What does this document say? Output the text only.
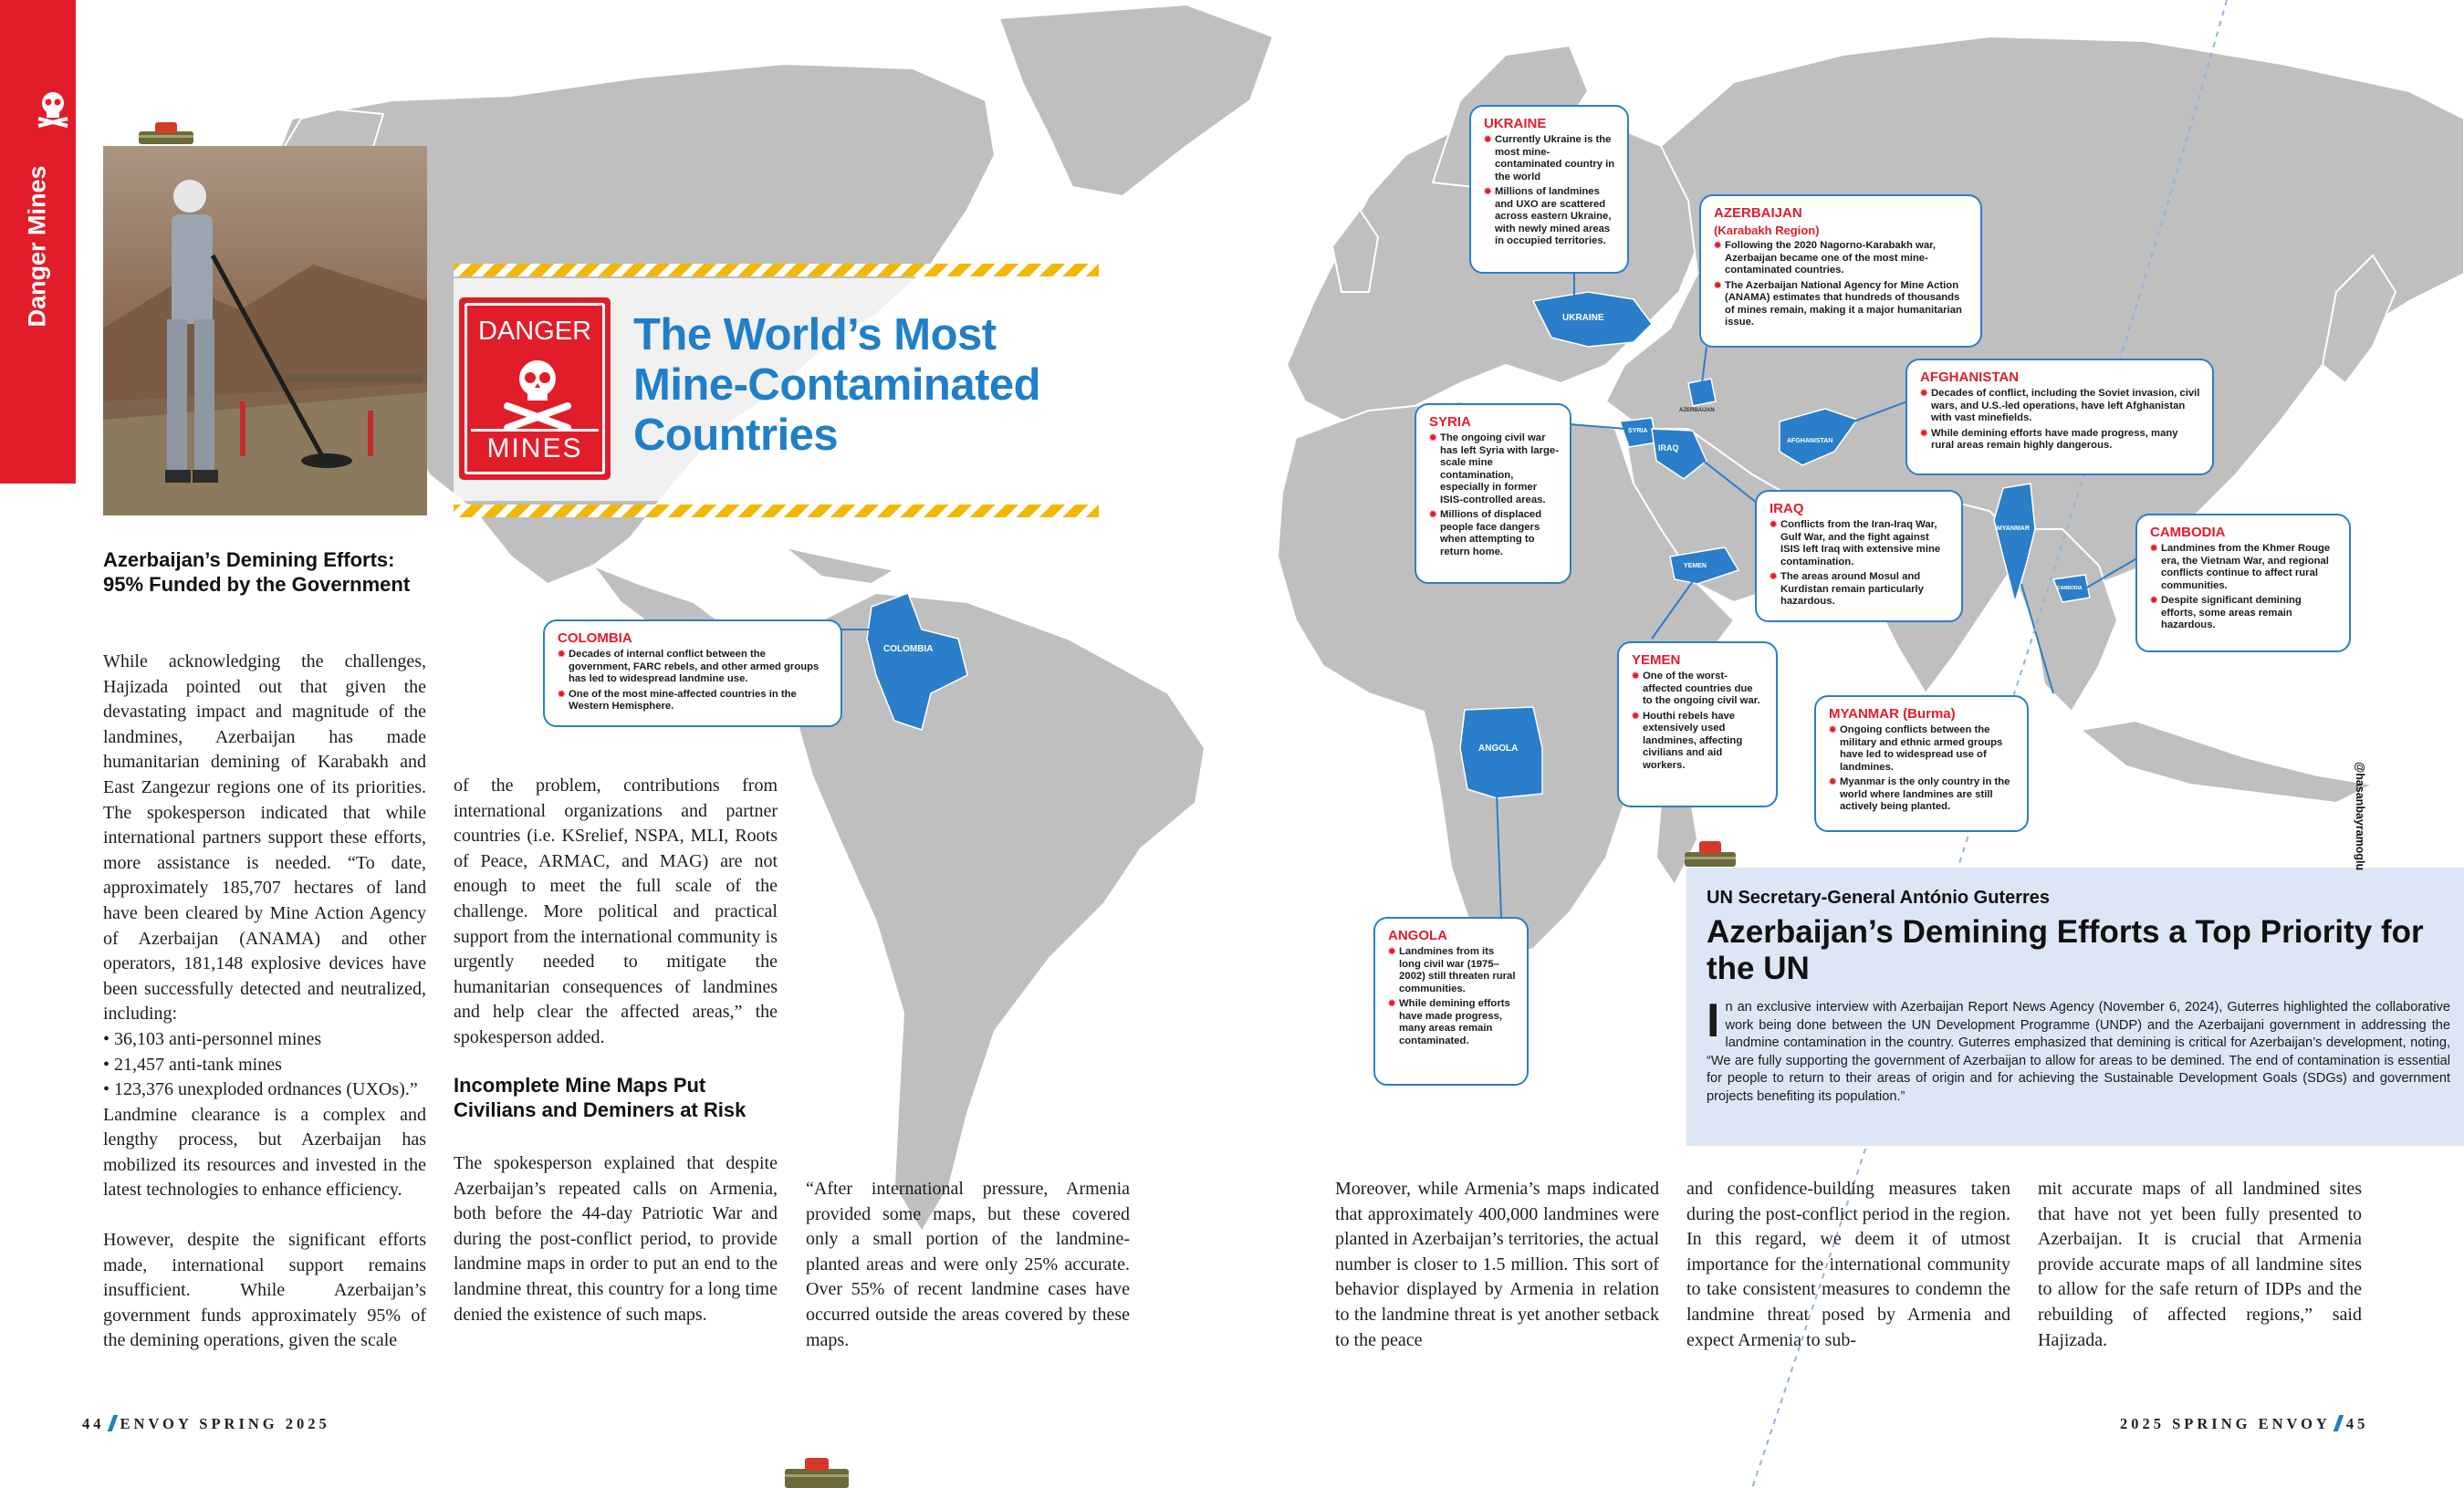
UKRAINE
AZERBAIJAN
SYRIA
IRAQ
AFGHANISTAN
YEMEN
MYANMAR
CAMBODIA
COLOMBIA
ANGOLA
Danger Mines
Azerbaijan’s Demining Efforts: 95% Funded by the Government

While acknowledging the challenges, Hajizada pointed out that given the devastating impact and magnitude of the landmines, Azerbaijan has made humanitarian demining of Karabakh and East Zangezur regions one of its priorities. The spokesperson indicated that while international partners support these efforts, more assistance is needed. “To date, approximately 185,707 hectares of land have been cleared by Mine Action Agency of Azerbaijan (ANAMA) and other operators, 181,148 explosive devices have been successfully detected and neutralized, including:

• 36,103 anti-personnel mines
• 21,457 anti-tank mines
• 123,376 unexploded ordnances (UXOs).”

Landmine clearance is a complex and lengthy process, but Azerbaijan has mobilized its resources and invested in the latest technologies to enhance efficiency.

However, despite the significant efforts made, international support remains insufficient. While Azerbaijan’s government funds approximately 95% of the demining operations, given the scale

of the problem, contributions from international organizations and partner countries (i.e. KSrelief, NSPA, MLI, Roots of Peace, ARMAC, and MAG) are not enough to meet the full scale of the challenge. More political and practical support from the international community is urgently needed to mitigate the humanitarian consequences of landmines and help clear the affected areas,” the spokesperson added.

Incomplete Mine Maps Put Civilians and Deminers at Risk

The spokesperson explained that despite Azerbaijan’s repeated calls on Armenia, both before the 44-day Patriotic War and during the post-conflict period, to provide landmine maps in order to put an end to the landmine threat, this country for a long time denied the existence of such maps.

“After international pressure, Armenia provided some maps, but these covered only a small portion of the landmine-planted areas and were only 25% accurate. Over 55% of recent landmine cases have occurred outside the areas covered by these maps.

Moreover, while Armenia’s maps indicated that approximately 400,000 landmines were planted in Azerbaijan’s territories, the actual number is closer to 1.5 million. This sort of behavior displayed by Armenia in relation to the landmine threat is yet another setback to the peace

and confidence-building measures taken during the post-conflict period in the region. In this regard, we deem it of utmost importance for the international community to take consistent measures to condemn the landmine threat posed by Armenia and expect Armenia to sub-

mit accurate maps of all landmined sites that have not yet been fully presented to Azerbaijan. It is crucial that Armenia provide accurate maps of all landmine sites to allow for the safe return of IDPs and the rebuilding of affected regions,” said Hajizada.

DANGER
MINES
The World’s Most Mine-Contaminated Countries
UKRAINE
✹ Currently Ukraine is the most mine-contaminated country in the world
✹ Millions of landmines and UXO are scattered across eastern Ukraine, with newly mined areas in occupied territories.
AZERBAIJAN
(Karabakh Region)
✹ Following the 2020 Nagorno-Karabakh war, Azerbaijan became one of the most mine-contaminated countries.
✹ The Azerbaijan National Agency for Mine Action (ANAMA) estimates that hundreds of thousands of mines remain, making it a major humanitarian issue.
AFGHANISTAN
✹ Decades of conflict, including the Soviet invasion, civil wars, and U.S.-led operations, have left Afghanistan with vast minefields.
✹ While demining efforts have made progress, many rural areas remain highly dangerous.
SYRIA
✹ The ongoing civil war has left Syria with large-scale mine contamination, especially in former ISIS-controlled areas.
✹ Millions of displaced people face dangers when attempting to return home.
IRAQ
✹ Conflicts from the Iran-Iraq War, Gulf War, and the fight against ISIS left Iraq with extensive mine contamination.
✹ The areas around Mosul and Kurdistan remain particularly hazardous.
CAMBODIA
✹ Landmines from the Khmer Rouge era, the Vietnam War, and regional conflicts continue to affect rural communities.
✹ Despite significant demining efforts, some areas remain hazardous.
COLOMBIA
✹ Decades of internal conflict between the government, FARC rebels, and other armed groups has led to widespread landmine use.
✹ One of the most mine-affected countries in the Western Hemisphere.
YEMEN
✹ One of the worst-affected countries due to the ongoing civil war.
✹ Houthi rebels have extensively used landmines, affecting civilians and aid workers.
MYANMAR (Burma)
✹ Ongoing conflicts between the military and ethnic armed groups have led to widespread use of landmines.
✹ Myanmar is the only country in the world where landmines are still actively being planted.
ANGOLA
✹ Landmines from its long civil war (1975–2002) still threaten rural communities.
✹ While demining efforts have made progress, many areas remain contaminated.
@hasanbayramoglu
UN Secretary-General António Guterres
Azerbaijan’s Demining Efforts a Top Priority for the UN
In an exclusive interview with Azerbaijan Report News Agency (November 6, 2024), Guterres highlighted the collaborative work being done between the UN Development Programme (UNDP) and the Azerbaijani government in addressing the landmine contamination in the country. Guterres emphasized that demining is critical for Azerbaijan’s development, noting, “We are fully supporting the government of Azerbaijan to allow for areas to be demined. The end of contamination is essential for people to return to their areas of origin and for achieving the Sustainable Development Goals (SDGs) and government projects benefiting its population.”
44 ENVOY SPRING 2025	2025 SPRING ENVOY 45
